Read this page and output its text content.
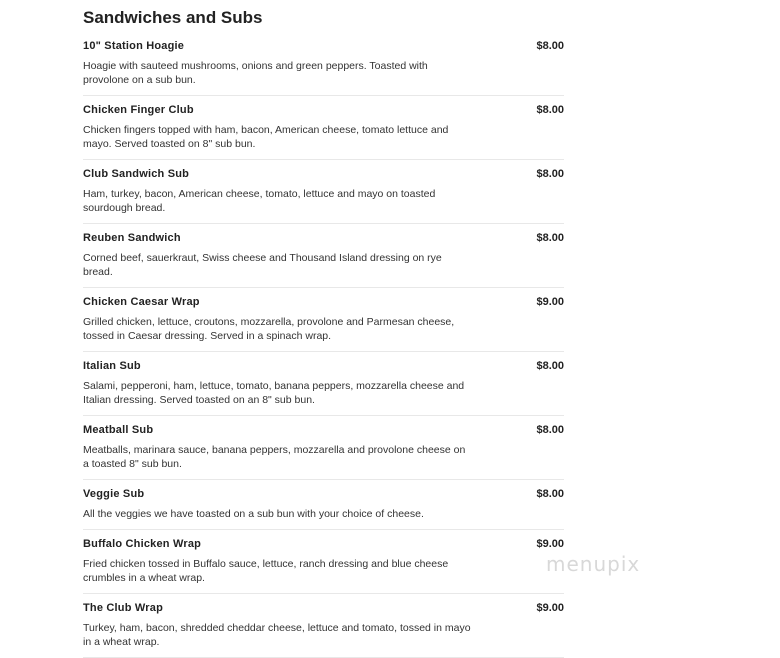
Sandwiches and Subs
10" Station Hoagie	$8.00
Hoagie with sauteed mushrooms, onions and green peppers. Toasted with provolone on a sub bun.
Chicken Finger Club	$8.00
Chicken fingers topped with ham, bacon, American cheese, tomato lettuce and mayo. Served toasted on 8" sub bun.
Club Sandwich Sub	$8.00
Ham, turkey, bacon, American cheese, tomato, lettuce and mayo on toasted sourdough bread.
Reuben Sandwich	$8.00
Corned beef, sauerkraut, Swiss cheese and Thousand Island dressing on rye bread.
Chicken Caesar Wrap	$9.00
Grilled chicken, lettuce, croutons, mozzarella, provolone and Parmesan cheese, tossed in Caesar dressing. Served in a spinach wrap.
Italian Sub	$8.00
Salami, pepperoni, ham, lettuce, tomato, banana peppers, mozzarella cheese and Italian dressing. Served toasted on an 8" sub bun.
Meatball Sub	$8.00
Meatballs, marinara sauce, banana peppers, mozzarella and provolone cheese on a toasted 8" sub bun.
Veggie Sub	$8.00
All the veggies we have toasted on a sub bun with your choice of cheese.
Buffalo Chicken Wrap	$9.00
Fried chicken tossed in Buffalo sauce, lettuce, ranch dressing and blue cheese crumbles in a wheat wrap.
The Club Wrap	$9.00
Turkey, ham, bacon, shredded cheddar cheese, lettuce and tomato, tossed in mayo in a wheat wrap.
menupix
